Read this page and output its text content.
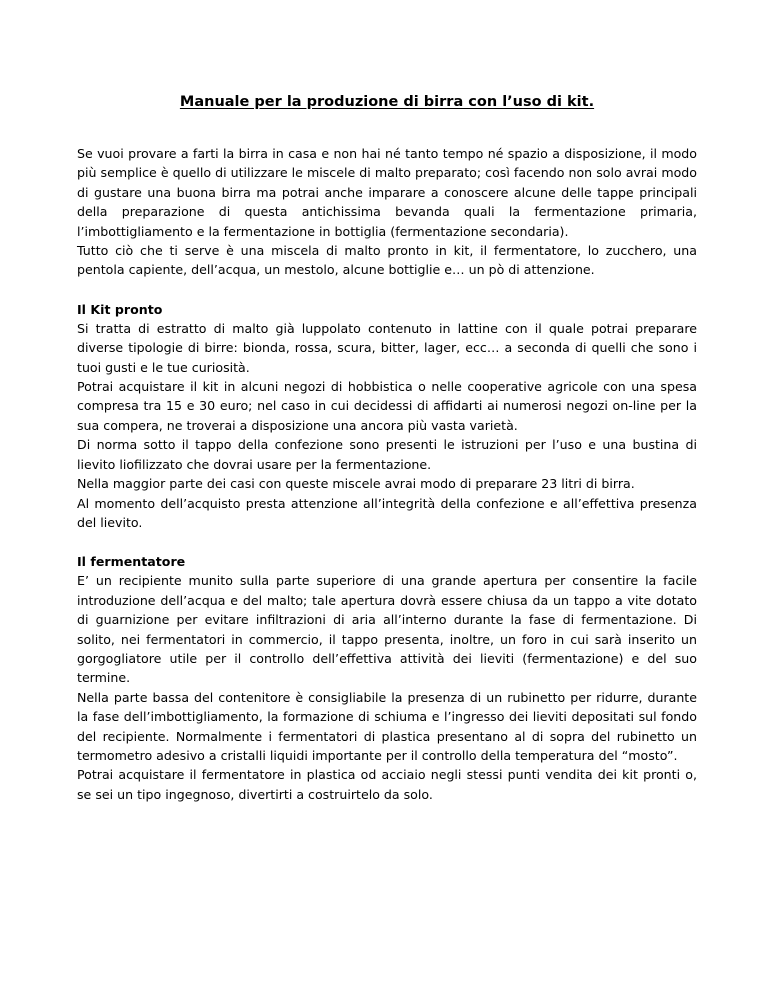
Manuale per la produzione di birra con l’uso di kit.

Se vuoi provare a farti la birra in casa e non hai né tanto tempo né spazio a disposizione, il modo più semplice è quello di utilizzare le miscele di malto preparato; così facendo non solo avrai modo di gustare una buona birra ma potrai anche imparare a conoscere alcune delle tappe principali della preparazione di questa antichissima bevanda quali la fermentazione primaria, l’imbottigliamento e la fermentazione in bottiglia (fermentazione secondaria).

Tutto ciò che ti serve è una miscela di malto pronto in kit, il fermentatore, lo zucchero, una pentola capiente, dell’acqua, un mestolo, alcune bottiglie e… un pò di attenzione.

Il Kit pronto

Si tratta di estratto di malto già luppolato contenuto in lattine con il quale potrai preparare diverse tipologie di birre: bionda, rossa, scura, bitter, lager, ecc… a seconda di quelli che sono i tuoi gusti e le tue curiosità.

Potrai acquistare il kit in alcuni negozi di hobbistica o nelle cooperative agricole con una spesa compresa tra 15 e 30 euro; nel caso in cui decidessi di affidarti ai numerosi negozi on-line per la sua compera, ne troverai a disposizione una ancora più vasta varietà.

Di norma sotto il tappo della confezione sono presenti le istruzioni per l’uso e una bustina di lievito liofilizzato che dovrai usare per la fermentazione.

Nella maggior parte dei casi con queste miscele avrai modo di preparare 23 litri di birra.

Al momento dell’acquisto presta attenzione all’integrità della confezione e all’effettiva presenza del lievito.

Il fermentatore

E’ un recipiente munito sulla parte superiore di una grande apertura per consentire la facile introduzione dell’acqua e del malto; tale apertura dovrà essere chiusa da un tappo a vite dotato di guarnizione per evitare infiltrazioni di aria all’interno durante la fase di fermentazione. Di solito, nei fermentatori in commercio, il tappo presenta, inoltre, un foro in cui sarà inserito un gorgogliatore utile per il controllo dell’effettiva attività dei lieviti (fermentazione) e del suo termine.

Nella parte bassa del contenitore è consigliabile la presenza di un rubinetto per ridurre, durante la fase dell’imbottigliamento, la formazione di schiuma e l’ingresso dei lieviti depositati sul fondo del recipiente. Normalmente i fermentatori di plastica presentano al di sopra del rubinetto un termometro adesivo a cristalli liquidi importante per il controllo della temperatura del “mosto”.

Potrai acquistare il fermentatore in plastica od acciaio negli stessi punti vendita dei kit pronti o, se sei un tipo ingegnoso, divertirti a costruirtelo da solo.
